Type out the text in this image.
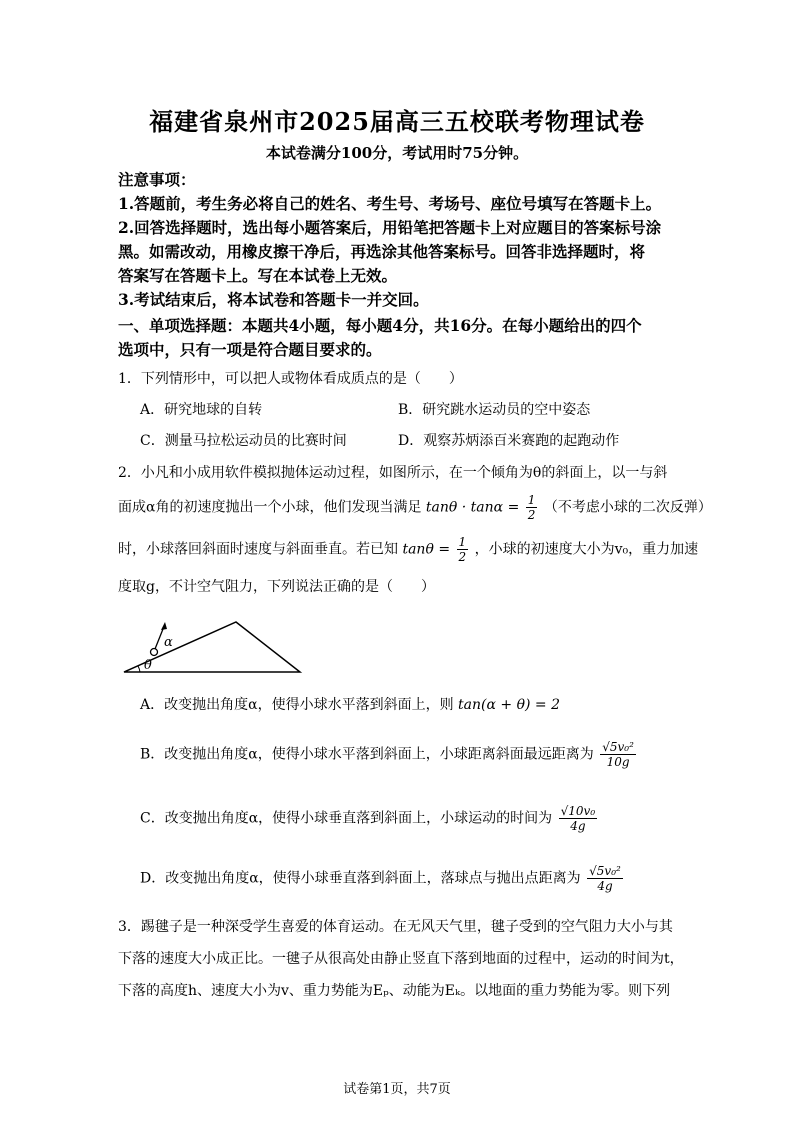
福建省泉州市2025届高三五校联考物理试卷
本试卷满分100分，考试用时75分钟。
注意事项：
1.答题前，考生务必将自己的姓名、考生号、考场号、座位号填写在答题卡上。
2.回答选择题时，选出每小题答案后，用铅笔把答题卡上对应题目的答案标号涂
黑。如需改动，用橡皮擦干净后，再选涂其他答案标号。回答非选择题时，将
答案写在答题卡上。写在本试卷上无效。
3.考试结束后，将本试卷和答题卡一并交回。
一、单项选择题：本题共4小题，每小题4分，共16分。在每小题给出的四个
选项中，只有一项是符合题目要求的。
1．下列情形中，可以把人或物体看成质点的是（　　）
A．研究地球的自转	B．研究跳水运动员的空中姿态
C．测量马拉松运动员的比赛时间	D．观察苏炳添百米赛跑的起跑动作
2．小凡和小成用软件模拟抛体运动过程，如图所示，在一个倾角为θ的斜面上，以一与斜
面成α角的初速度抛出一个小球，他们发现当满足 $\tan\theta \cdot \tan\alpha = \frac{1}{2}$ （不考虑小球的二次反弹）
时，小球落回斜面时速度与斜面垂直。若已知 $\tan\theta = \frac{1}{2}$ ，小球的初速度大小为v₀，重力加速
度取g，不计空气阻力，下列说法正确的是（　　）
α
θ
A．改变抛出角度α，使得小球水平落到斜面上，则 tan(α + θ) = 2
B．改变抛出角度α，使得小球水平落到斜面上，小球距离斜面最远距离为 $\frac{\text{√5v₀²}}{10g}$
C．改变抛出角度α，使得小球垂直落到斜面上，小球运动的时间为 $\frac{\text{√10v₀}}{4g}$
D．改变抛出角度α，使得小球垂直落到斜面上，落球点与抛出点距离为 $\frac{\text{√5v₀²}}{4g}$
3．踢毽子是一种深受学生喜爱的体育运动。在无风天气里，毽子受到的空气阻力大小与其
下落的速度大小成正比。一毽子从很高处由静止竖直下落到地面的过程中，运动的时间为t，
下落的高度h、速度大小为v、重力势能为Eₚ、动能为Eₖ。以地面的重力势能为零。则下列
试卷第1页，共7页
